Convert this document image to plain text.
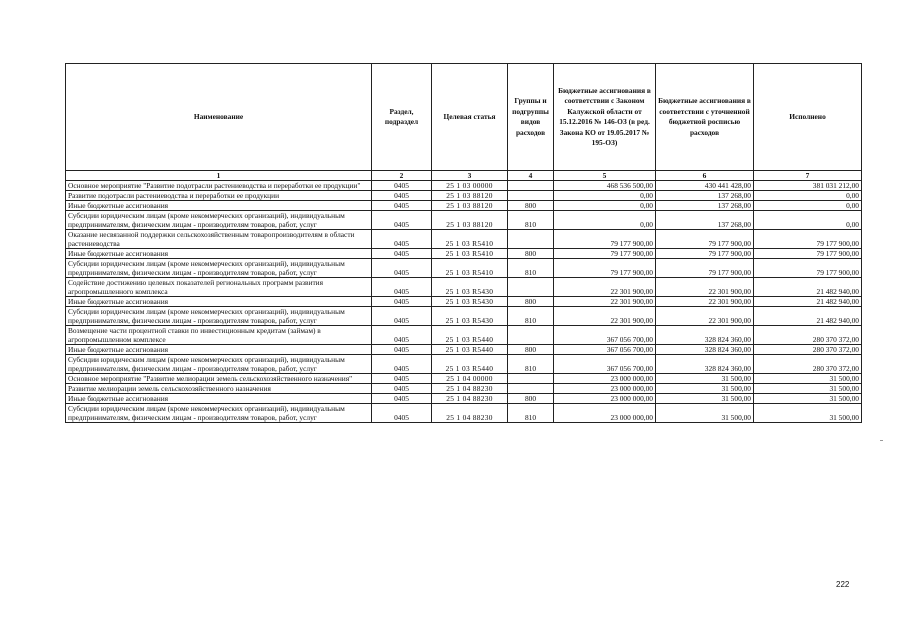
Наименование	Раздел, подраздел	Целевая статья	Группы и подгруппы видов расходов	Бюджетные ассигнования в соответствии с Законом Калужской области от 15.12.2016 № 146-ОЗ (в ред. Закона КО от 19.05.2017 № 195-ОЗ)	Бюджетные ассигнования в соответствии с уточненной бюджетной росписью расходов	Исполнено
1	2	3	4	5	6	7
Основное мероприятие "Развитие подотрасли растениеводства и переработки ее продукции"	0405	25 1 03 00000		468 536 500,00	430 441 428,00	381 031 212,00
Развитие подотрасли растениеводства и переработки ее продукции	0405	25 1 03 88120		0,00	137 268,00	0,00
Иные бюджетные ассигнования	0405	25 1 03 88120	800	0,00	137 268,00	0,00
Субсидии юридическим лицам (кроме некоммерческих организаций), индивидуальным предпринимателям, физическим лицам - производителям товаров, работ, услуг	0405	25 1 03 88120	810	0,00	137 268,00	0,00
Оказание несвязанной поддержки сельскохозяйственным товаропроизводителям в области растениеводства	0405	25 1 03 R5410		79 177 900,00	79 177 900,00	79 177 900,00
Иные бюджетные ассигнования	0405	25 1 03 R5410	800	79 177 900,00	79 177 900,00	79 177 900,00
Субсидии юридическим лицам (кроме некоммерческих организаций), индивидуальным предпринимателям, физическим лицам - производителям товаров, работ, услуг	0405	25 1 03 R5410	810	79 177 900,00	79 177 900,00	79 177 900,00
Содействие достижению целевых показателей региональных программ развития агропромышленного комплекса	0405	25 1 03 R5430		22 301 900,00	22 301 900,00	21 482 940,00
Иные бюджетные ассигнования	0405	25 1 03 R5430	800	22 301 900,00	22 301 900,00	21 482 940,00
Субсидии юридическим лицам (кроме некоммерческих организаций), индивидуальным предпринимателям, физическим лицам - производителям товаров, работ, услуг	0405	25 1 03 R5430	810	22 301 900,00	22 301 900,00	21 482 940,00
Возмещение части процентной ставки по инвестиционным кредитам (займам) в агропромышленном комплексе	0405	25 1 03 R5440		367 056 700,00	328 824 360,00	280 370 372,00
Иные бюджетные ассигнования	0405	25 1 03 R5440	800	367 056 700,00	328 824 360,00	280 370 372,00
Субсидии юридическим лицам (кроме некоммерческих организаций), индивидуальным предпринимателям, физическим лицам - производителям товаров, работ, услуг	0405	25 1 03 R5440	810	367 056 700,00	328 824 360,00	280 370 372,00
Основное мероприятие "Развитие мелиорации земель сельскохозяйственного назначения"	0405	25 1 04 00000		23 000 000,00	31 500,00	31 500,00
Развитие мелиорации земель сельскохозяйственного назначения	0405	25 1 04 88230		23 000 000,00	31 500,00	31 500,00
Иные бюджетные ассигнования	0405	25 1 04 88230	800	23 000 000,00	31 500,00	31 500,00
Субсидии юридическим лицам (кроме некоммерческих организаций), индивидуальным предпринимателям, физическим лицам - производителям товаров, работ, услуг	0405	25 1 04 88230	810	23 000 000,00	31 500,00	31 500,00
222
